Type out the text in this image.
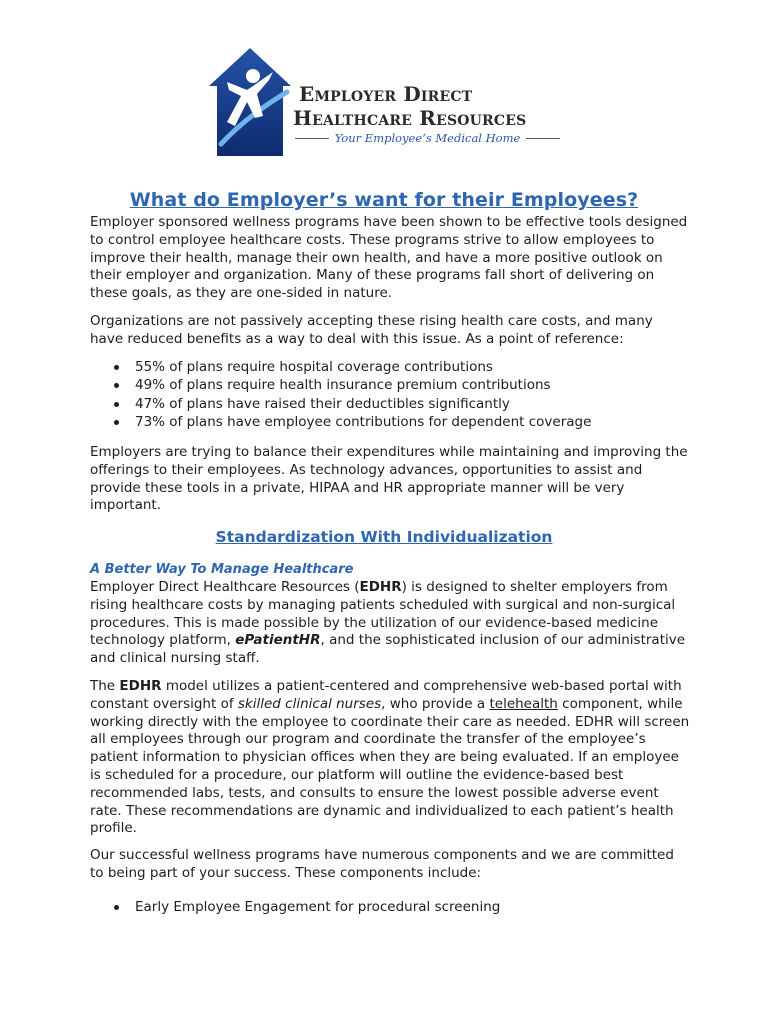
Employer Direct
Healthcare Resources
Your Employee’s Medical Home
What do Employer’s want for their Employees?

Employer sponsored wellness programs have been shown to be effective tools designed to control employee healthcare costs. These programs strive to allow employees to improve their health, manage their own health, and have a more positive outlook on their employer and organization. Many of these programs fall short of delivering on these goals, as they are one-sided in nature.

Organizations are not passively accepting these rising health care costs, and many have reduced benefits as a way to deal with this issue. As a point of reference:

55% of plans require hospital coverage contributions
49% of plans require health insurance premium contributions
47% of plans have raised their deductibles significantly
73% of plans have employee contributions for dependent coverage

Employers are trying to balance their expenditures while maintaining and improving the offerings to their employees. As technology advances, opportunities to assist and provide these tools in a private, HIPAA and HR appropriate manner will be very important.

Standardization With Individualization
A Better Way To Manage Healthcare

Employer Direct Healthcare Resources (EDHR) is designed to shelter employers from rising healthcare costs by managing patients scheduled with surgical and non-surgical procedures. This is made possible by the utilization of our evidence-based medicine technology platform, ePatientHR, and the sophisticated inclusion of our administrative and clinical nursing staff.

The EDHR model utilizes a patient-centered and comprehensive web-based portal with constant oversight of skilled clinical nurses, who provide a telehealth component, while working directly with the employee to coordinate their care as needed. EDHR will screen all employees through our program and coordinate the transfer of the employee’s patient information to physician offices when they are being evaluated. If an employee is scheduled for a procedure, our platform will outline the evidence-based best recommended labs, tests, and consults to ensure the lowest possible adverse event rate. These recommendations are dynamic and individualized to each patient’s health profile.

Our successful wellness programs have numerous components and we are committed to being part of your success. These components include:

Early Employee Engagement for procedural screening
